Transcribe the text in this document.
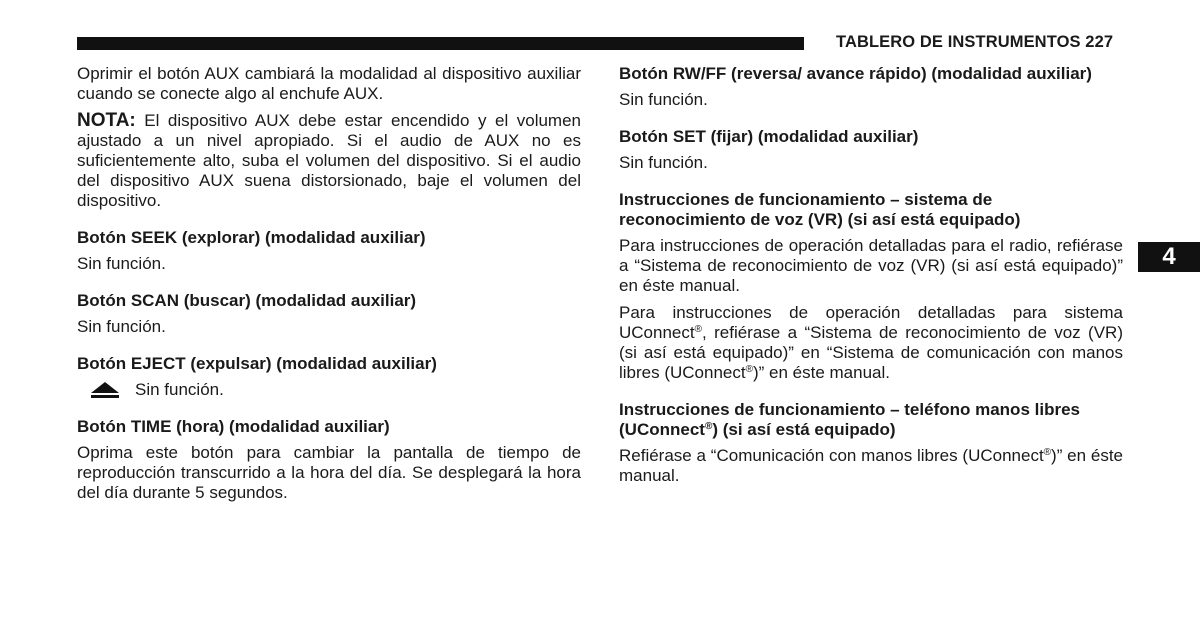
TABLERO DE INSTRUMENTOS 227

Oprimir el botón AUX cambiará la modalidad al dispositivo auxiliar cuando se conecte algo al enchufe AUX.

NOTA: El dispositivo AUX debe estar encendido y el volumen ajustado a un nivel apropiado. Si el audio de AUX no es suficientemente alto, suba el volumen del dispositivo. Si el audio del dispositivo AUX suena distorsionado, baje el volumen del dispositivo.

Botón SEEK (explorar) (modalidad auxiliar)

Sin función.

Botón SCAN (buscar) (modalidad auxiliar)

Sin función.

Botón EJECT (expulsar) (modalidad auxiliar)
Sin función.
Botón TIME (hora) (modalidad auxiliar)

Oprima este botón para cambiar la pantalla de tiempo de reproducción transcurrido a la hora del día. Se desplegará la hora del día durante 5 segundos.

Botón RW/FF (reversa/ avance rápido) (modalidad auxiliar)

Sin función.

Botón SET (fijar) (modalidad auxiliar)

Sin función.

Instrucciones de funcionamiento – sistema de reconocimiento de voz (VR) (si así está equipado)

Para instrucciones de operación detalladas para el radio, refiérase a “Sistema de reconocimiento de voz (VR) (si así está equipado)” en éste manual.

Para instrucciones de operación detalladas para sistema UConnect®, refiérase a “Sistema de reconocimiento de voz (VR) (si así está equipado)” en “Sistema de comunicación con manos libres (UConnect®)” en éste manual.

Instrucciones de funcionamiento – teléfono manos libres (UConnect®) (si así está equipado)

Refiérase a “Comunicación con manos libres (UConnect®)” en éste manual.

4
